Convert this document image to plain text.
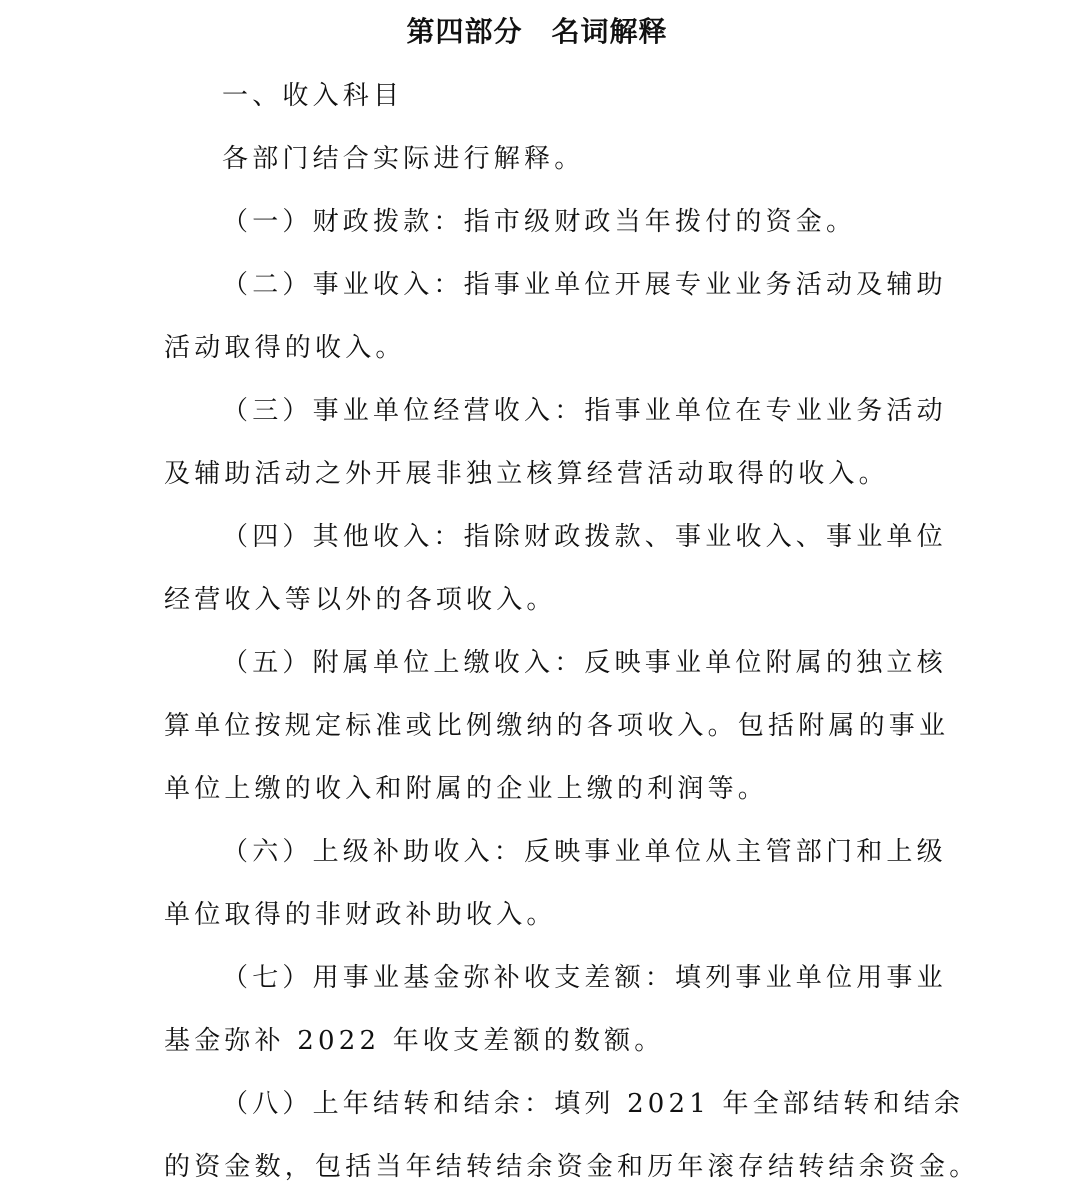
第四部分　名词解释
一、收入科目
各部门结合实际进行解释。
（一）财政拨款：指市级财政当年拨付的资金。
（二）事业收入：指事业单位开展专业业务活动及辅助
活动取得的收入。
（三）事业单位经营收入：指事业单位在专业业务活动
及辅助活动之外开展非独立核算经营活动取得的收入。
（四）其他收入：指除财政拨款、事业收入、事业单位
经营收入等以外的各项收入。
（五）附属单位上缴收入：反映事业单位附属的独立核
算单位按规定标准或比例缴纳的各项收入。包括附属的事业
单位上缴的收入和附属的企业上缴的利润等。
（六）上级补助收入：反映事业单位从主管部门和上级
单位取得的非财政补助收入。
（七）用事业基金弥补收支差额：填列事业单位用事业
基金弥补 2022 年收支差额的数额。
（八）上年结转和结余：填列 2021 年全部结转和结余
的资金数，包括当年结转结余资金和历年滚存结转结余资金。
